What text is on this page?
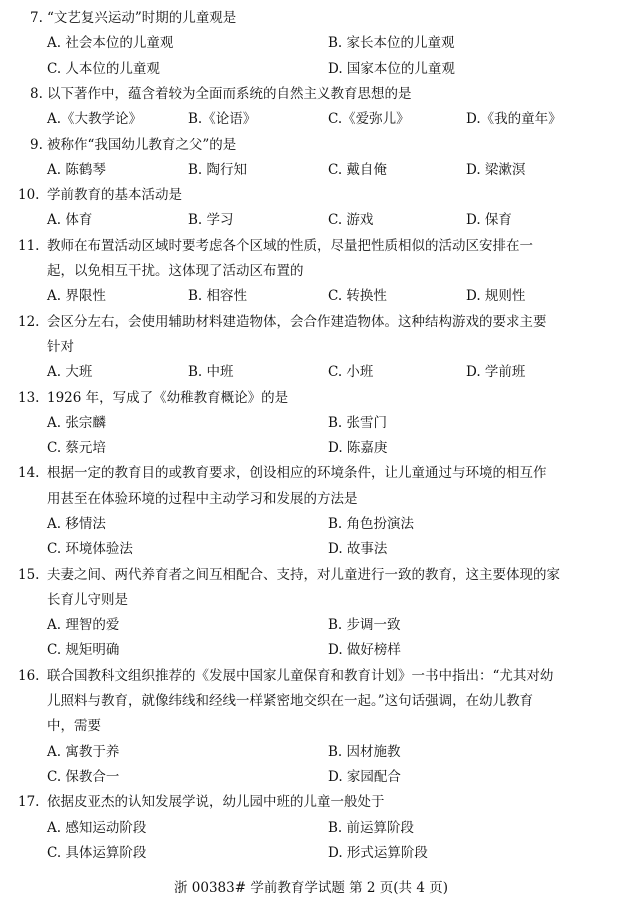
7. “文艺复兴运动”时期的儿童观是
A. 社会本位的儿童观	B. 家长本位的儿童观
C. 人本位的儿童观	D. 国家本位的儿童观
8. 以下著作中，蕴含着较为全面而系统的自然主义教育思想的是
A.《大教学论》	B.《论语》	C.《爱弥儿》	D.《我的童年》
9. 被称作“我国幼儿教育之父”的是
A. 陈鹤琴	B. 陶行知	C. 戴自俺	D. 梁漱溟
10. 学前教育的基本活动是
A. 体育	B. 学习	C. 游戏	D. 保育
11. 教师在布置活动区域时要考虑各个区域的性质，尽量把性质相似的活动区安排在一
起，以免相互干扰。这体现了活动区布置的
A. 界限性	B. 相容性	C. 转换性	D. 规则性
12. 会区分左右，会使用辅助材料建造物体，会合作建造物体。这种结构游戏的要求主要
针对
A. 大班	B. 中班	C. 小班	D. 学前班
13. 1926 年，写成了《幼稚教育概论》的是
A. 张宗麟	B. 张雪门
C. 蔡元培	D. 陈嘉庚
14. 根据一定的教育目的或教育要求，创设相应的环境条件，让儿童通过与环境的相互作
用甚至在体验环境的过程中主动学习和发展的方法是
A. 移情法	B. 角色扮演法
C. 环境体验法	D. 故事法
15. 夫妻之间、两代养育者之间互相配合、支持，对儿童进行一致的教育，这主要体现的家
长育儿守则是
A. 理智的爱	B. 步调一致
C. 规矩明确	D. 做好榜样
16. 联合国教科文组织推荐的《发展中国家儿童保育和教育计划》一书中指出：“尤其对幼
儿照料与教育，就像纬线和经线一样紧密地交织在一起。”这句话强调，在幼儿教育
中，需要
A. 寓教于养	B. 因材施教
C. 保教合一	D. 家园配合
17. 依据皮亚杰的认知发展学说，幼儿园中班的儿童一般处于
A. 感知运动阶段	B. 前运算阶段
C. 具体运算阶段	D. 形式运算阶段
浙 00383# 学前教育学试题 第 2 页(共 4 页)
